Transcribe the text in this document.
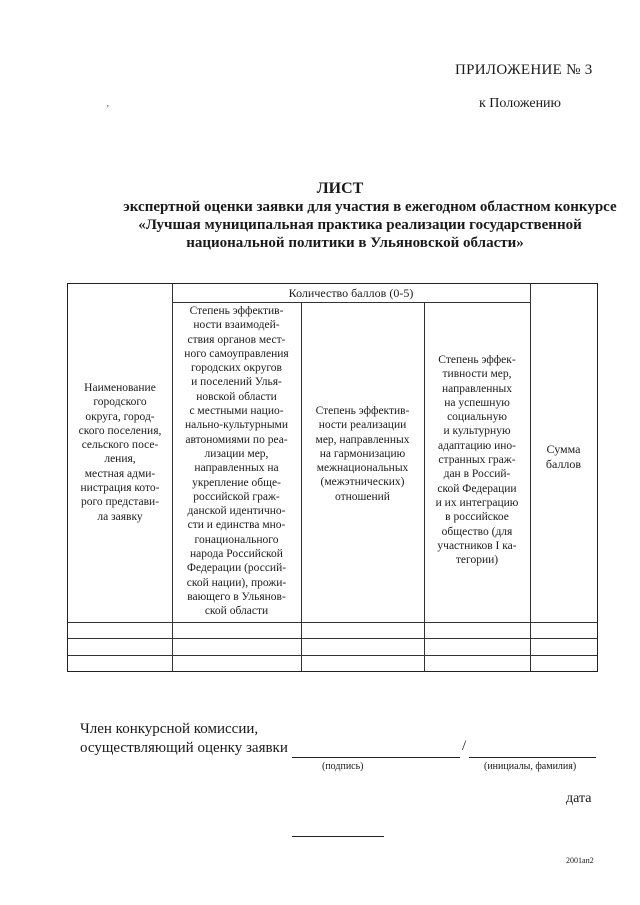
ПРИЛОЖЕНИЕ № 3
к Положению
’
ЛИСТ
экспертной оценки заявки для участия в ежегодном областном конкурсе
«Лучшая муниципальная практика реализации государственной
национальной политики в Ульяновской области»
Количество баллов (0-5)
Наименование
городского
округа, город-
ского поселения,
сельского посе-
ления,
местная адми-
нистрация кото-
рого представи-
ла заявку
Степень эффектив-
ности взаимодей-
ствия органов мест-
ного самоуправления
городских округов
и поселений Улья-
новской области
с местными нацио-
нально-культурными
автономиями по реа-
лизации мер,
направленных на
укрепление обще-
российской граж-
данской идентично-
сти и единства мно-
гонационального
народа Российской
Федерации (россий-
ской нации), прожи-
вающего в Ульянов-
ской области
Степень эффектив-
ности реализации
мер, направленных
на гармонизацию
межнациональных
(межэтнических)
отношений
Степень эффек-
тивности мер,
направленных
на успешную
социальную
и культурную
адаптацию ино-
странных граж-
дан в Россий-
ской Федерации
и их интеграцию
в российское
общество (для
участников I ка-
тегории)
Сумма
баллов
Член конкурсной комиссии,
осуществляющий оценку заявки	/
(подпись)	(инициалы, фамилия)
дата
2001ап2
